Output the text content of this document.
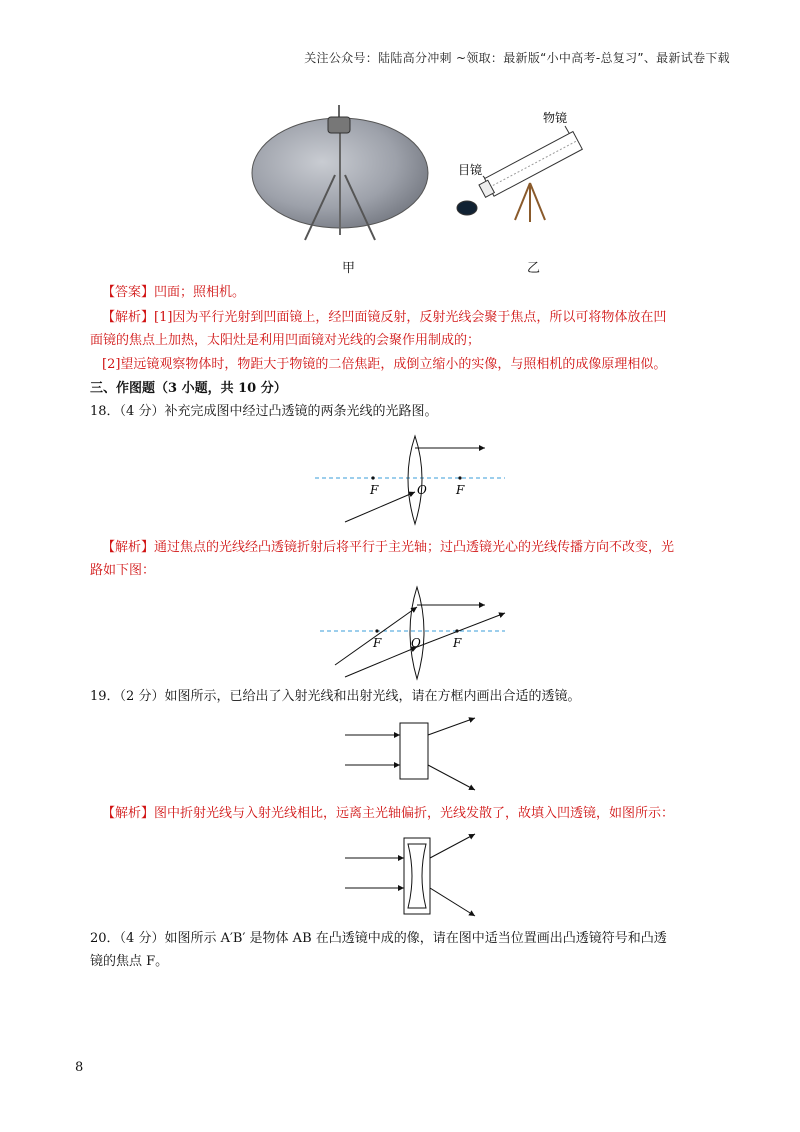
关注公众号：陆陆高分冲刺 ~领取：最新版“小中高考-总复习”、最新试卷下载
物镜
目镜
甲	乙
【答案】凹面；照相机。
【解析】[1]因为平行光射到凹面镜上，经凹面镜反射，反射光线会聚于焦点，所以可将物体放在凹
面镜的焦点上加热，太阳灶是利用凹面镜对光线的会聚作用制成的；
[2]望远镜观察物体时，物距大于物镜的二倍焦距，成倒立缩小的实像，与照相机的成像原理相似。
三、作图题（3 小题，共 10 分）
18．（4 分）补充完成图中经过凸透镜的两条光线的光路图。
F	O F
【解析】通过焦点的光线经凸透镜折射后将平行于主光轴；过凸透镜光心的光线传播方向不改变，光
路如下图：
F O	F
19．（2 分）如图所示，已给出了入射光线和出射光线，请在方框内画出合适的透镜。
【解析】图中折射光线与入射光线相比，远离主光轴偏折，光线发散了，故填入凹透镜，如图所示：
20．（4 分）如图所示 A′B′ 是物体 AB 在凸透镜中成的像，请在图中适当位置画出凸透镜符号和凸透
镜的焦点 F。
8
